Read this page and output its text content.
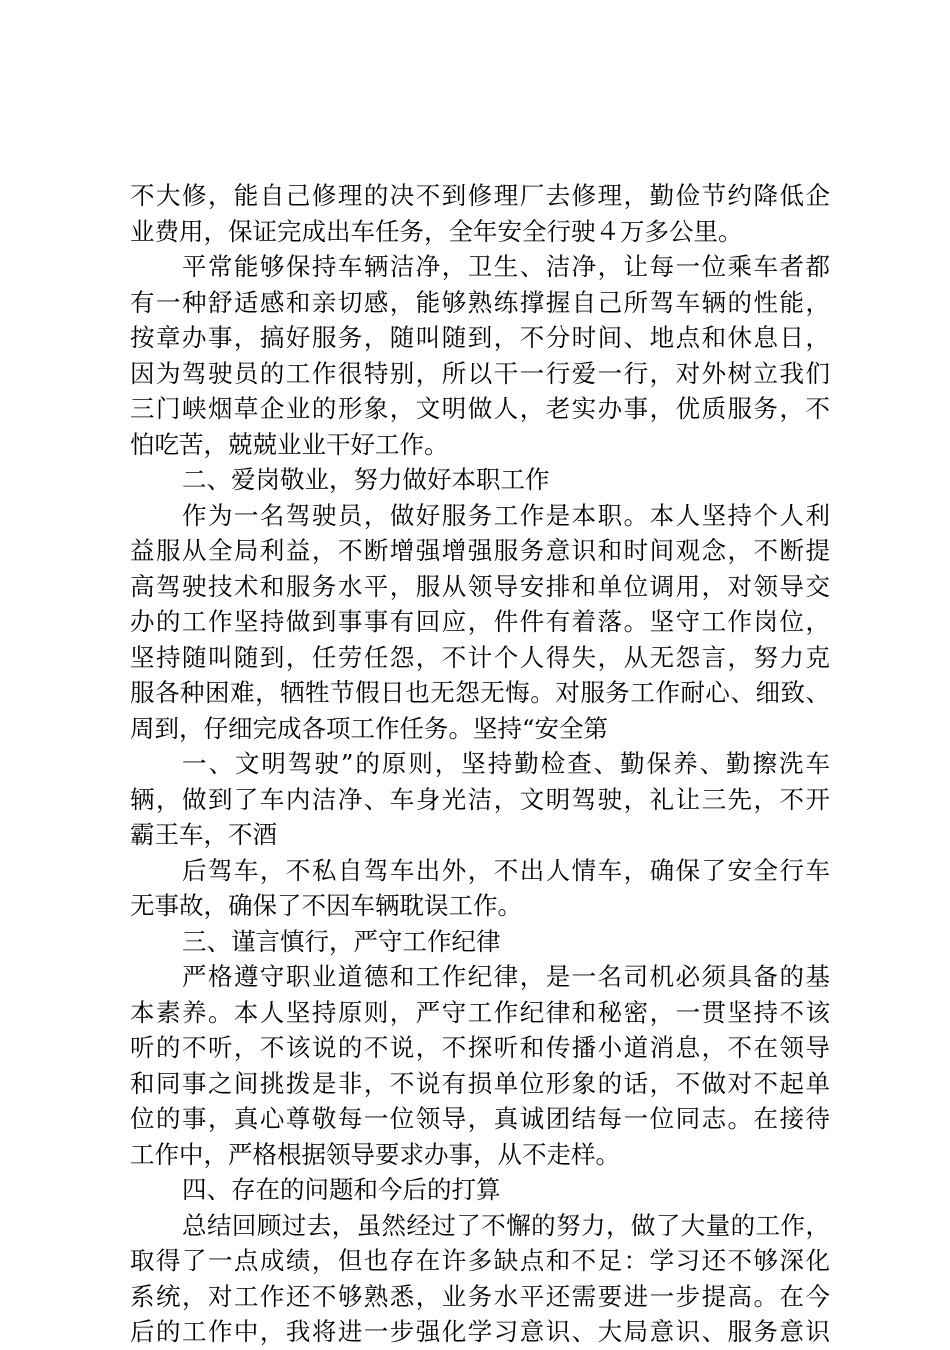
不大修，能自己修理的决不到修理厂去修理，勤俭节约降低企
业费用，保证完成出车任务，全年安全行驶４万多公里。
平常能够保持车辆洁净，卫生、洁净，让每一位乘车者都
有一种舒适感和亲切感，能够熟练撑握自己所驾车辆的性能，
按章办事，搞好服务，随叫随到，不分时间、地点和休息日，
因为驾驶员的工作很特别，所以干一行爱一行，对外树立我们
三门峡烟草企业的形象，文明做人，老实办事，优质服务，不
怕吃苦，兢兢业业干好工作。
二、爱岗敬业，努力做好本职工作
作为一名驾驶员，做好服务工作是本职。本人坚持个人利
益服从全局利益，不断增强增强服务意识和时间观念，不断提
高驾驶技术和服务水平，服从领导安排和单位调用，对领导交
办的工作坚持做到事事有回应，件件有着落。坚守工作岗位，
坚持随叫随到，任劳任怨，不计个人得失，从无怨言，努力克
服各种困难，牺牲节假日也无怨无悔。对服务工作耐心、细致、
周到，仔细完成各项工作任务。坚持“安全第
一、文明驾驶”的原则，坚持勤检查、勤保养、勤擦洗车
辆，做到了车内洁净、车身光洁，文明驾驶，礼让三先，不开
霸王车，不酒
后驾车，不私自驾车出外，不出人情车，确保了安全行车
无事故，确保了不因车辆耽误工作。
三、谨言慎行，严守工作纪律
严格遵守职业道德和工作纪律，是一名司机必须具备的基
本素养。本人坚持原则，严守工作纪律和秘密，一贯坚持不该
听的不听，不该说的不说，不探听和传播小道消息，不在领导
和同事之间挑拨是非，不说有损单位形象的话，不做对不起单
位的事，真心尊敬每一位领导，真诚团结每一位同志。在接待
工作中，严格根据领导要求办事，从不走样。
四、存在的问题和今后的打算
总结回顾过去，虽然经过了不懈的努力，做了大量的工作，
取得了一点成绩，但也存在许多缺点和不足：学习还不够深化
系统，对工作还不够熟悉，业务水平还需要进一步提高。在今
后的工作中，我将进一步强化学习意识、大局意识、服务意识
